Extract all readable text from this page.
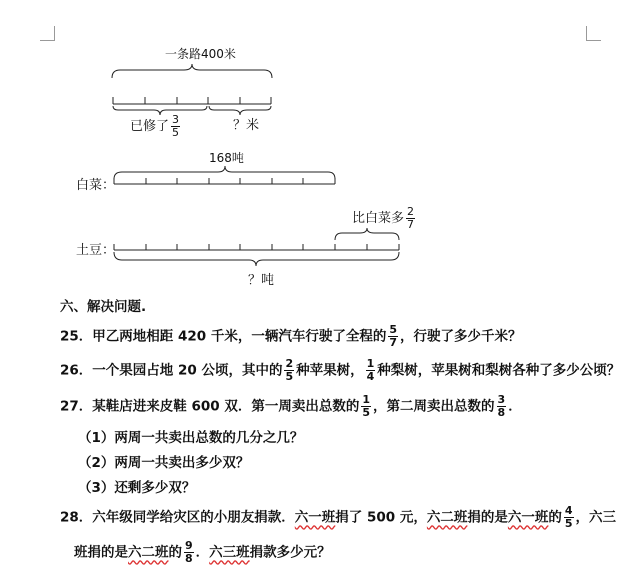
一条路400米
已修了 $\frac{3}{5}$	？米
168吨
白菜：
土豆：
比白菜多 $\frac{2}{7}$
？吨
六、解决问题.
25．甲乙两地相距 420 千米，一辆汽车行驶了全程的 $\frac{5}{7}$ ，行驶了多少千米？
26．一个果园占地 20 公顷，其中的 $\frac{2}{5}$ 种苹果树， $\frac{1}{4}$ 种梨树，苹果树和梨树各种了多少公顷？
27．某鞋店进来皮鞋 600 双．第一周卖出总数的 $\frac{1}{5}$ ，第二周卖出总数的 $\frac{3}{8}$ ．
（1）两周一共卖出总数的几分之几？
（2）两周一共卖出多少双？
（3）还剩多少双？
28．六年级同学给灾区的小朋友捐款．六一班捐了 500 元，六二班捐的是六一班的 $\frac{4}{5}$ ，六三
班捐的是六二班的 $\frac{9}{8}$ ．六三班捐款多少元？
